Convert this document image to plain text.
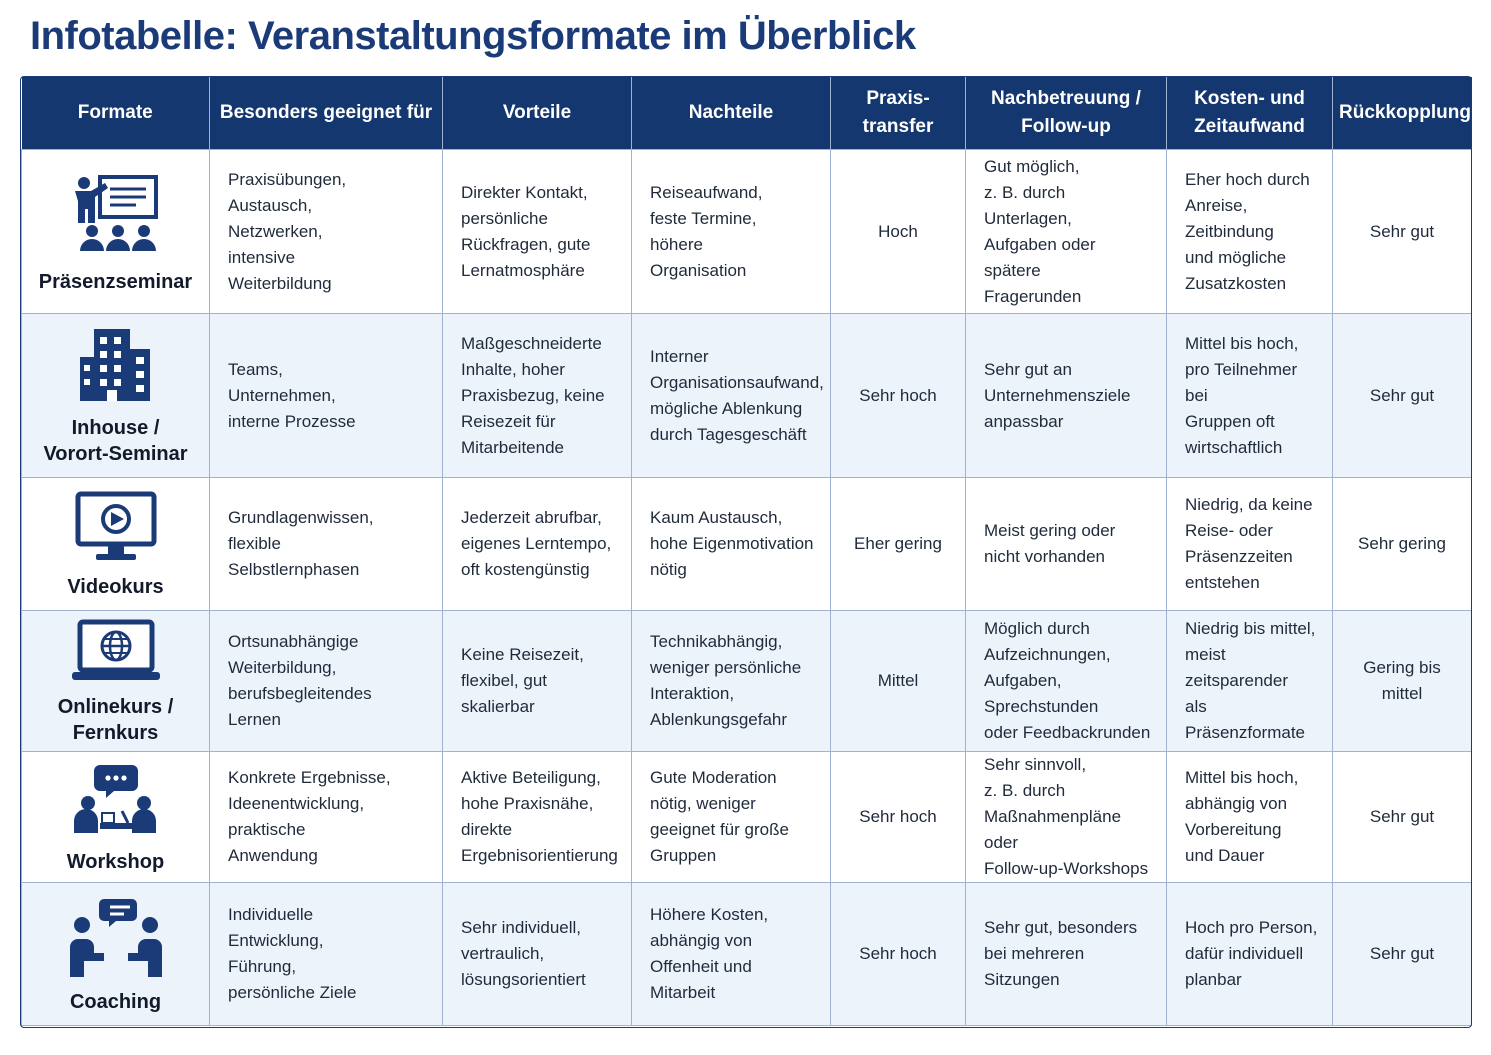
Infotabelle: Veranstaltungsformate im Überblick
Formate	Besonders geeignet für	Vorteile	Nachteile	Praxis-
transfer	Nachbetreuung /
Follow-up	Kosten- und
Zeitaufwand	Rückkopplung

Präsenzseminar	Praxisübungen,
Austausch,
Netzwerken,
intensive
Weiterbildung	Direkter Kontakt,
persönliche
Rückfragen, gute
Lernatmosphäre	Reiseaufwand,
feste Termine,
höhere
Organisation	Hoch	Gut möglich,
z. B. durch Unterlagen,
Aufgaben oder spätere
Fragerunden	Eher hoch durch
Anreise, Zeitbindung
und mögliche
Zusatzkosten	Sehr gut

Inhouse /
Vorort-Seminar	Teams,
Unternehmen,
interne Prozesse	Maßgeschneiderte
Inhalte, hoher
Praxisbezug, keine
Reisezeit für
Mitarbeitende	Interner
Organisationsaufwand,
mögliche Ablenkung
durch Tagesgeschäft	Sehr hoch	Sehr gut an
Unternehmensziele
anpassbar	Mittel bis hoch,
pro Teilnehmer bei
Gruppen oft
wirtschaftlich	Sehr gut

Videokurs	Grundlagenwissen,
flexible
Selbstlernphasen	Jederzeit abrufbar,
eigenes Lerntempo,
oft kostengünstig	Kaum Austausch,
hohe Eigenmotivation
nötig	Eher gering	Meist gering oder
nicht vorhanden	Niedrig, da keine
Reise- oder
Präsenzzeiten
entstehen	Sehr gering

Onlinekurs /
Fernkurs	Ortsunabhängige
Weiterbildung,
berufsbegleitendes
Lernen	Keine Reisezeit,
flexibel, gut
skalierbar	Technikabhängig,
weniger persönliche
Interaktion,
Ablenkungsgefahr	Mittel	Möglich durch
Aufzeichnungen,
Aufgaben, Sprechstunden
oder Feedbackrunden	Niedrig bis mittel,
meist zeitsparender
als Präsenzformate	Gering bis
mittel

Workshop	Konkrete Ergebnisse,
Ideenentwicklung,
praktische
Anwendung	Aktive Beteiligung,
hohe Praxisnähe,
direkte
Ergebnisorientierung	Gute Moderation
nötig, weniger
geeignet für große
Gruppen	Sehr hoch	Sehr sinnvoll,
z. B. durch
Maßnahmenpläne oder
Follow-up-Workshops	Mittel bis hoch,
abhängig von
Vorbereitung
und Dauer	Sehr gut

Coaching	Individuelle
Entwicklung,
Führung,
persönliche Ziele	Sehr individuell,
vertraulich,
lösungsorientiert	Höhere Kosten,
abhängig von
Offenheit und
Mitarbeit	Sehr hoch	Sehr gut, besonders
bei mehreren
Sitzungen	Hoch pro Person,
dafür individuell
planbar	Sehr gut
